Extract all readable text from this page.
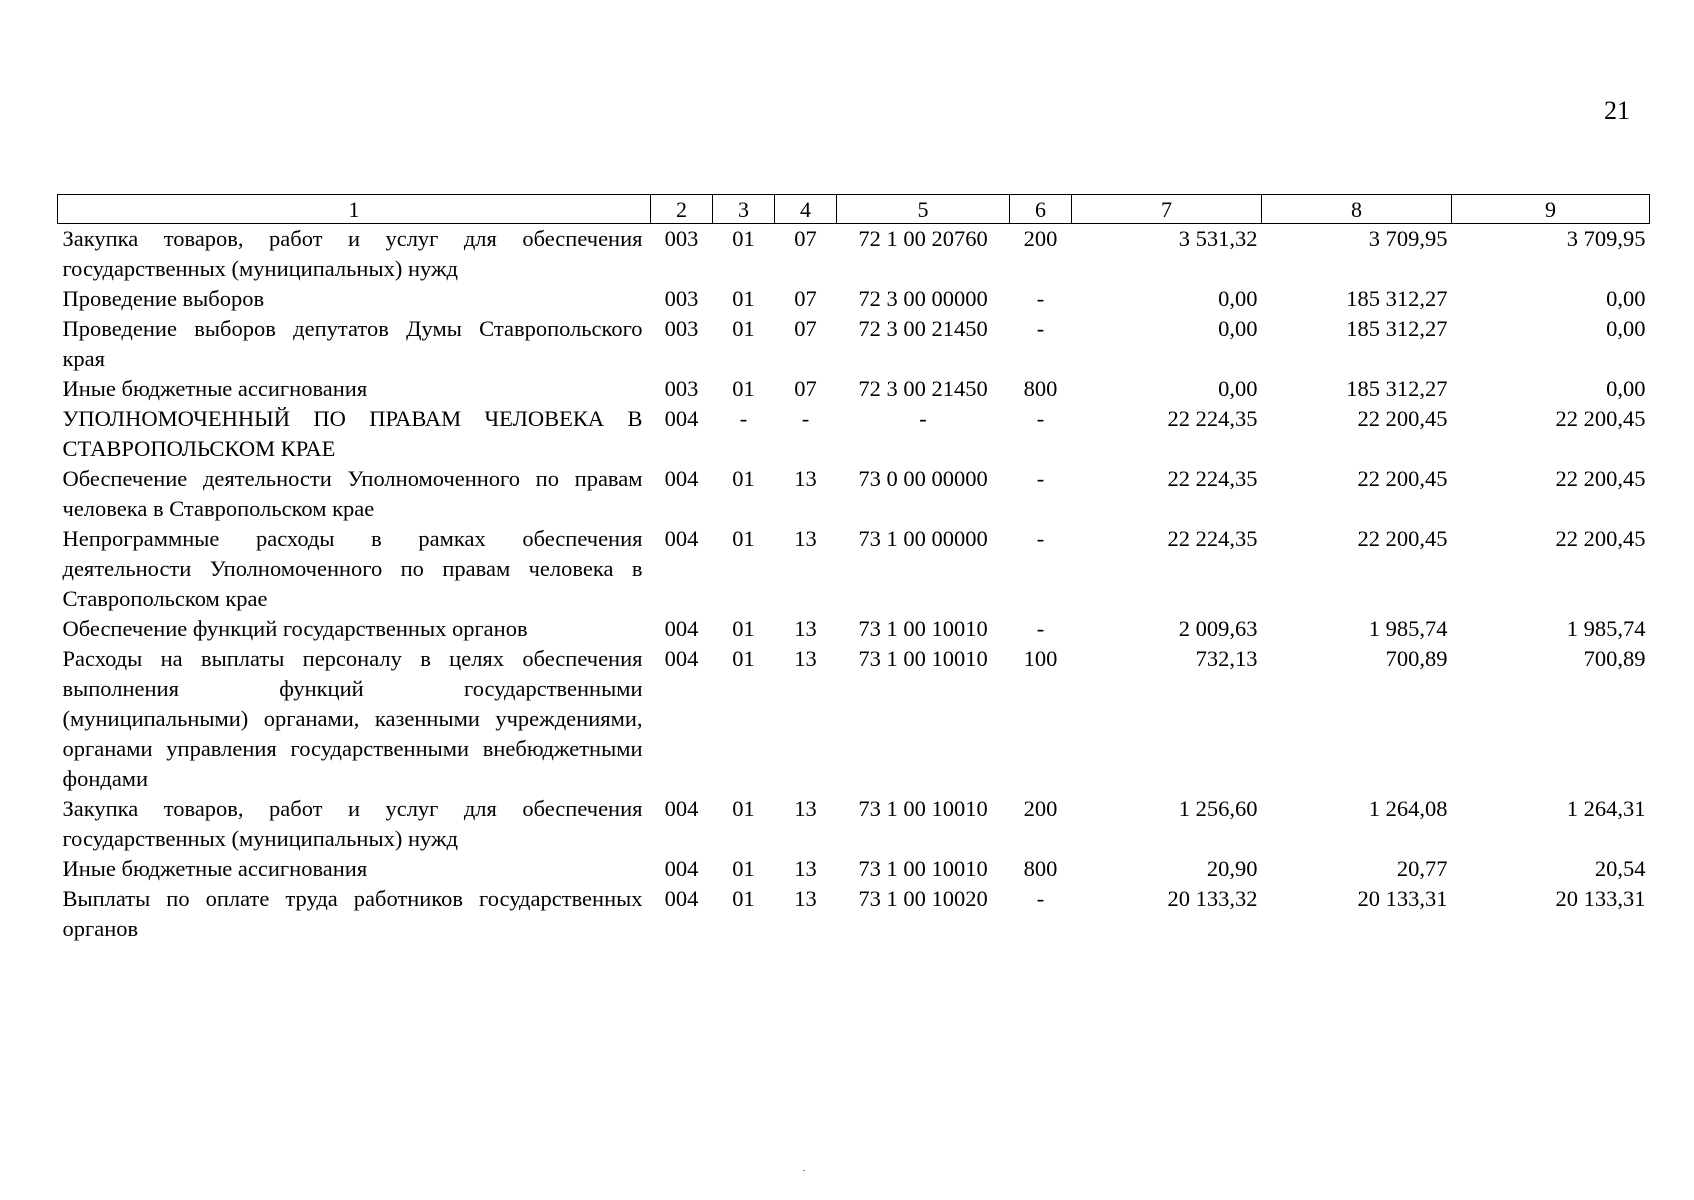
21
1	2	3	4	5	6	7	8	9
Закупка товаров, работ и услуг для обеспечения государственных (муниципальных) нужд	003	01	07	72 1 00 20760	200	3 531,32	3 709,95	3 709,95
Проведение выборов	003	01	07	72 3 00 00000	-	0,00	185 312,27	0,00
Проведение выборов депутатов Думы Ставропольского края	003	01	07	72 3 00 21450	-	0,00	185 312,27	0,00
Иные бюджетные ассигнования	003	01	07	72 3 00 21450	800	0,00	185 312,27	0,00
УПОЛНОМОЧЕННЫЙ ПО ПРАВАМ ЧЕЛОВЕКА В СТАВРОПОЛЬСКОМ КРАЕ	004	-	-	-	-	22 224,35	22 200,45	22 200,45
Обеспечение деятельности Уполномоченного по правам человека в Ставропольском крае	004	01	13	73 0 00 00000	-	22 224,35	22 200,45	22 200,45
Непрограммные расходы в рамках обеспечения деятельности Уполномоченного по правам человека в Ставропольском крае	004	01	13	73 1 00 00000	-	22 224,35	22 200,45	22 200,45
Обеспечение функций государственных органов	004	01	13	73 1 00 10010	-	2 009,63	1 985,74	1 985,74
Расходы на выплаты персоналу в целях обеспечения выполнения функций государственными (муниципальными) органами, казенными учреждениями, органами управления государственными внебюджетными фондами	004	01	13	73 1 00 10010	100	732,13	700,89	700,89
Закупка товаров, работ и услуг для обеспечения государственных (муниципальных) нужд	004	01	13	73 1 00 10010	200	1 256,60	1 264,08	1 264,31
Иные бюджетные ассигнования	004	01	13	73 1 00 10010	800	20,90	20,77	20,54
Выплаты по оплате труда работников государственных органов	004	01	13	73 1 00 10020	-	20 133,32	20 133,31	20 133,31
